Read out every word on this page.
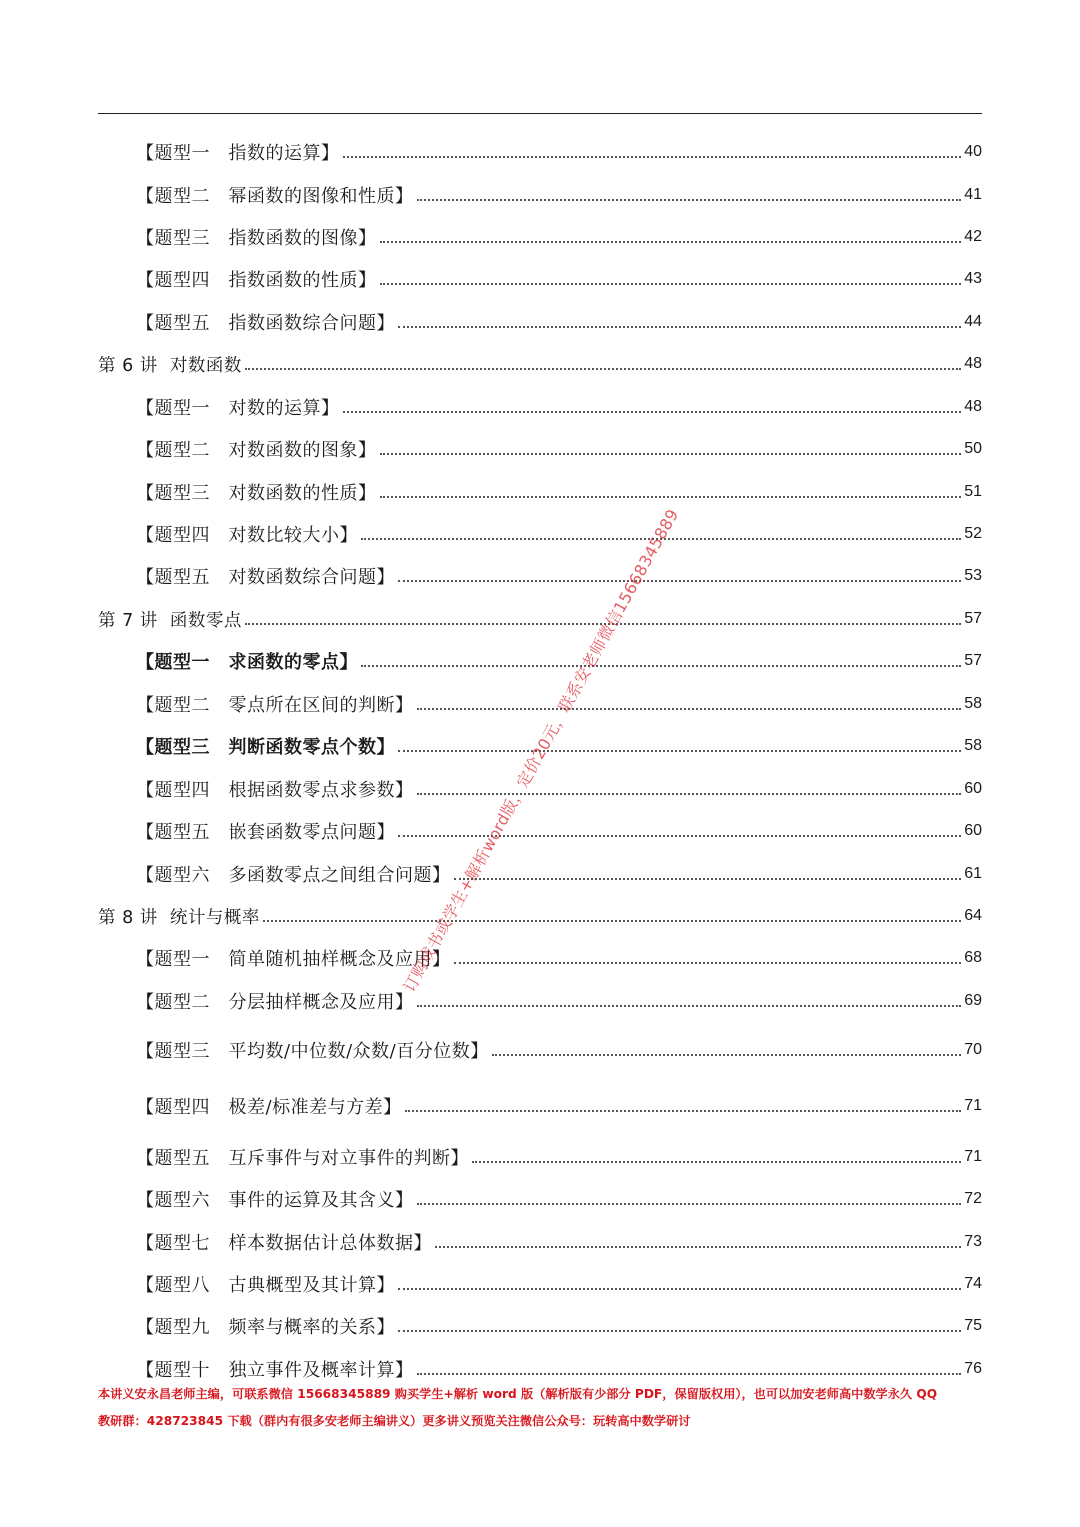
【题型一　指数的运算】	40
【题型二　幂函数的图像和性质】	41
【题型三　指数函数的图像】	42
【题型四　指数函数的性质】	43
【题型五　指数函数综合问题】	44
第 6 讲  对数函数	48
【题型一　对数的运算】	48
【题型二　对数函数的图象】	50
【题型三　对数函数的性质】	51
【题型四　对数比较大小】	52
【题型五　对数函数综合问题】	53
第 7 讲  函数零点	57
【题型一　求函数的零点】	57
【题型二　零点所在区间的判断】	58
【题型三　判断函数零点个数】	58
【题型四　根据函数零点求参数】	60
【题型五　嵌套函数零点问题】	60
【题型六　多函数零点之间组合问题】	61
第 8 讲  统计与概率	64
【题型一　简单随机抽样概念及应用】	68
【题型二　分层抽样概念及应用】	69
【题型三　平均数/中位数/众数/百分位数】	70
【题型四　极差/标准差与方差】	71
【题型五　互斥事件与对立事件的判断】	71
【题型六　事件的运算及其含义】	72
【题型七　样本数据估计总体数据】	73
【题型八　古典概型及其计算】	74
【题型九　频率与概率的关系】	75
【题型十　独立事件及概率计算】	76
本讲义安永昌老师主编，可联系微信 15668345889 购买学生+解析 word 版（解析版有少部分 PDF，保留版权用），也可以加安老师高中数学永久 QQ
教研群：428723845 下载（群内有很多安老师主编讲义）更多讲义预览关注微信公众号：玩转高中数学研讨
订购成书或学生+解析word版，定价20元，联系安老师微信15668345889
